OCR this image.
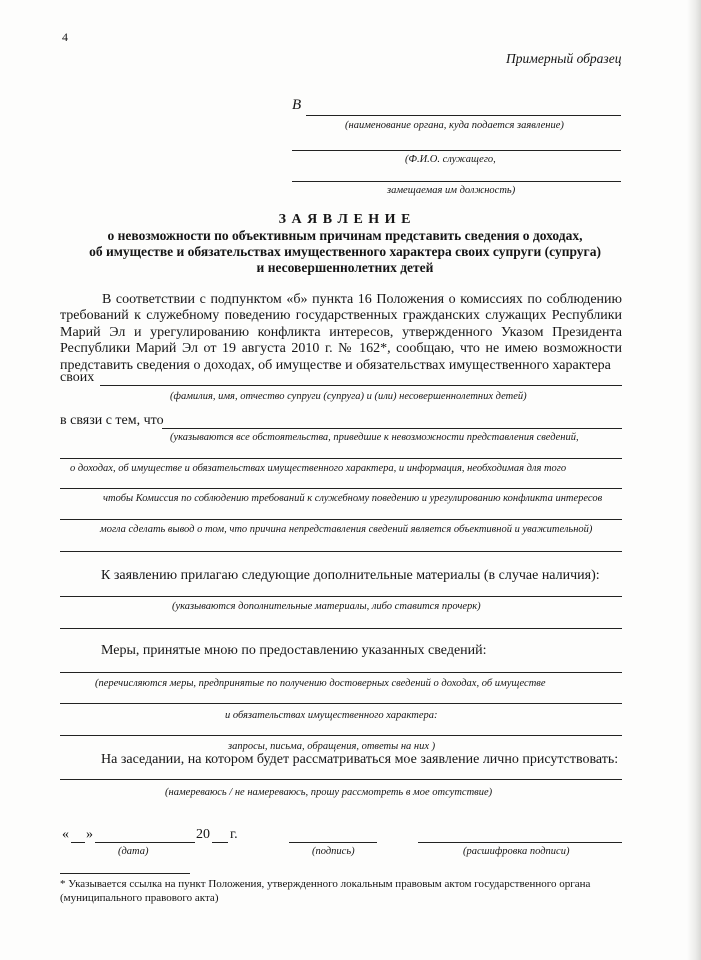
4
Примерный образец
В
(наименование органа, куда подается заявление)
(Ф.И.О. служащего,
замещаемая им должность)
З А Я В Л Е Н И Е
о невозможности по объективным причинам представить сведения о доходах,
об имуществе и обязательствах имущественного характера своих супруги (супруга)
и несовершеннолетних детей
В соответствии с подпунктом «б» пункта 16 Положения о комиссиях по соблюдению требований к служебному поведению государственных гражданских служащих Республики Марий Эл и урегулированию конфликта интересов, утвержденного Указом Президента Республики Марий Эл от 19 августа 2010 г. № 162*, сообщаю, что не имею возможности представить сведения о доходах, об имуществе и обязательствах имущественного характера
своих
(фамилия, имя, отчество супруги (супруга) и (или) несовершеннолетних детей)
в связи с тем, что
(указываются все обстоятельства, приведшие к невозможности представления сведений,
о доходах, об имуществе и обязательствах имущественного характера, и информация, необходимая для того
чтобы Комиссия по соблюдению требований к служебному поведению и урегулированию конфликта интересов
могла сделать вывод о том, что причина непредставления сведений является объективной и уважительной)
К заявлению прилагаю следующие дополнительные материалы (в случае наличия):
(указываются дополнительные материалы, либо ставится прочерк)
Меры, принятые мною по предоставлению указанных сведений:
(перечисляются меры, предпринятые по получению достоверных сведений о доходах, об имуществе
и обязательствах имущественного характера:
запросы, письма, обращения, ответы на них )
На заседании, на котором будет рассматриваться мое заявление лично присутствовать:
(намереваюсь / не намереваюсь, прошу рассмотреть в мое отсутствие)
« »	20 г.
(дата)	(подпись)	(расшифровка подписи)
* Указывается ссылка на пункт Положения, утвержденного локальным правовым актом государственного органа (муниципального правового акта)
